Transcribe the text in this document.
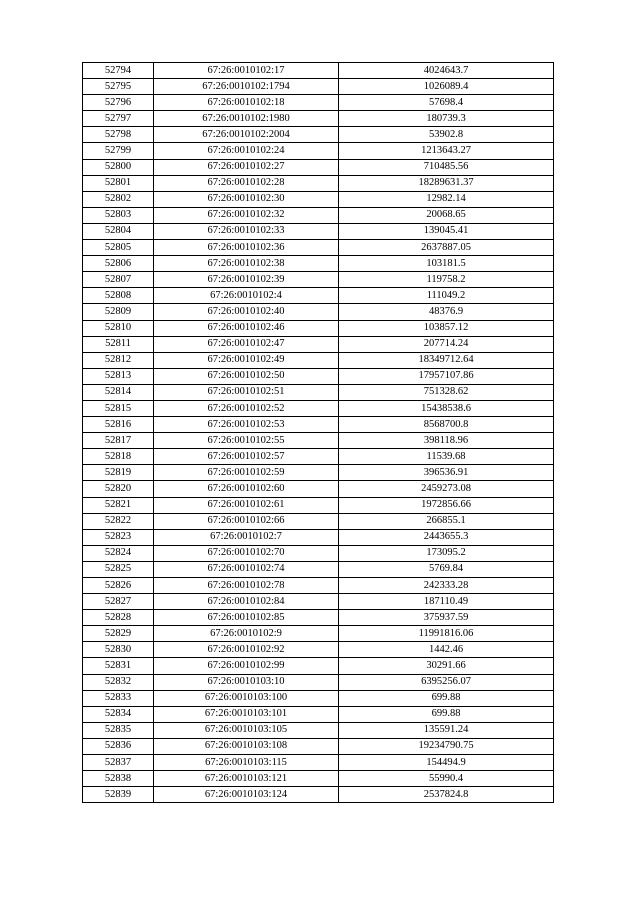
52794	67:26:0010102:17	4024643.7
52795	67:26:0010102:1794	1026089.4
52796	67:26:0010102:18	57698.4
52797	67:26:0010102:1980	180739.3
52798	67:26:0010102:2004	53902.8
52799	67:26:0010102:24	1213643.27
52800	67:26:0010102:27	710485.56
52801	67:26:0010102:28	18289631.37
52802	67:26:0010102:30	12982.14
52803	67:26:0010102:32	20068.65
52804	67:26:0010102:33	139045.41
52805	67:26:0010102:36	2637887.05
52806	67:26:0010102:38	103181.5
52807	67:26:0010102:39	119758.2
52808	67:26:0010102:4	111049.2
52809	67:26:0010102:40	48376.9
52810	67:26:0010102:46	103857.12
52811	67:26:0010102:47	207714.24
52812	67:26:0010102:49	18349712.64
52813	67:26:0010102:50	17957107.86
52814	67:26:0010102:51	751328.62
52815	67:26:0010102:52	15438538.6
52816	67:26:0010102:53	8568700.8
52817	67:26:0010102:55	398118.96
52818	67:26:0010102:57	11539.68
52819	67:26:0010102:59	396536.91
52820	67:26:0010102:60	2459273.08
52821	67:26:0010102:61	1972856.66
52822	67:26:0010102:66	266855.1
52823	67:26:0010102:7	2443655.3
52824	67:26:0010102:70	173095.2
52825	67:26:0010102:74	5769.84
52826	67:26:0010102:78	242333.28
52827	67:26:0010102:84	187110.49
52828	67:26:0010102:85	375937.59
52829	67:26:0010102:9	11991816.06
52830	67:26:0010102:92	1442.46
52831	67:26:0010102:99	30291.66
52832	67:26:0010103:10	6395256.07
52833	67:26:0010103:100	699.88
52834	67:26:0010103:101	699.88
52835	67:26:0010103:105	135591.24
52836	67:26:0010103:108	19234790.75
52837	67:26:0010103:115	154494.9
52838	67:26:0010103:121	55990.4
52839	67:26:0010103:124	2537824.8
